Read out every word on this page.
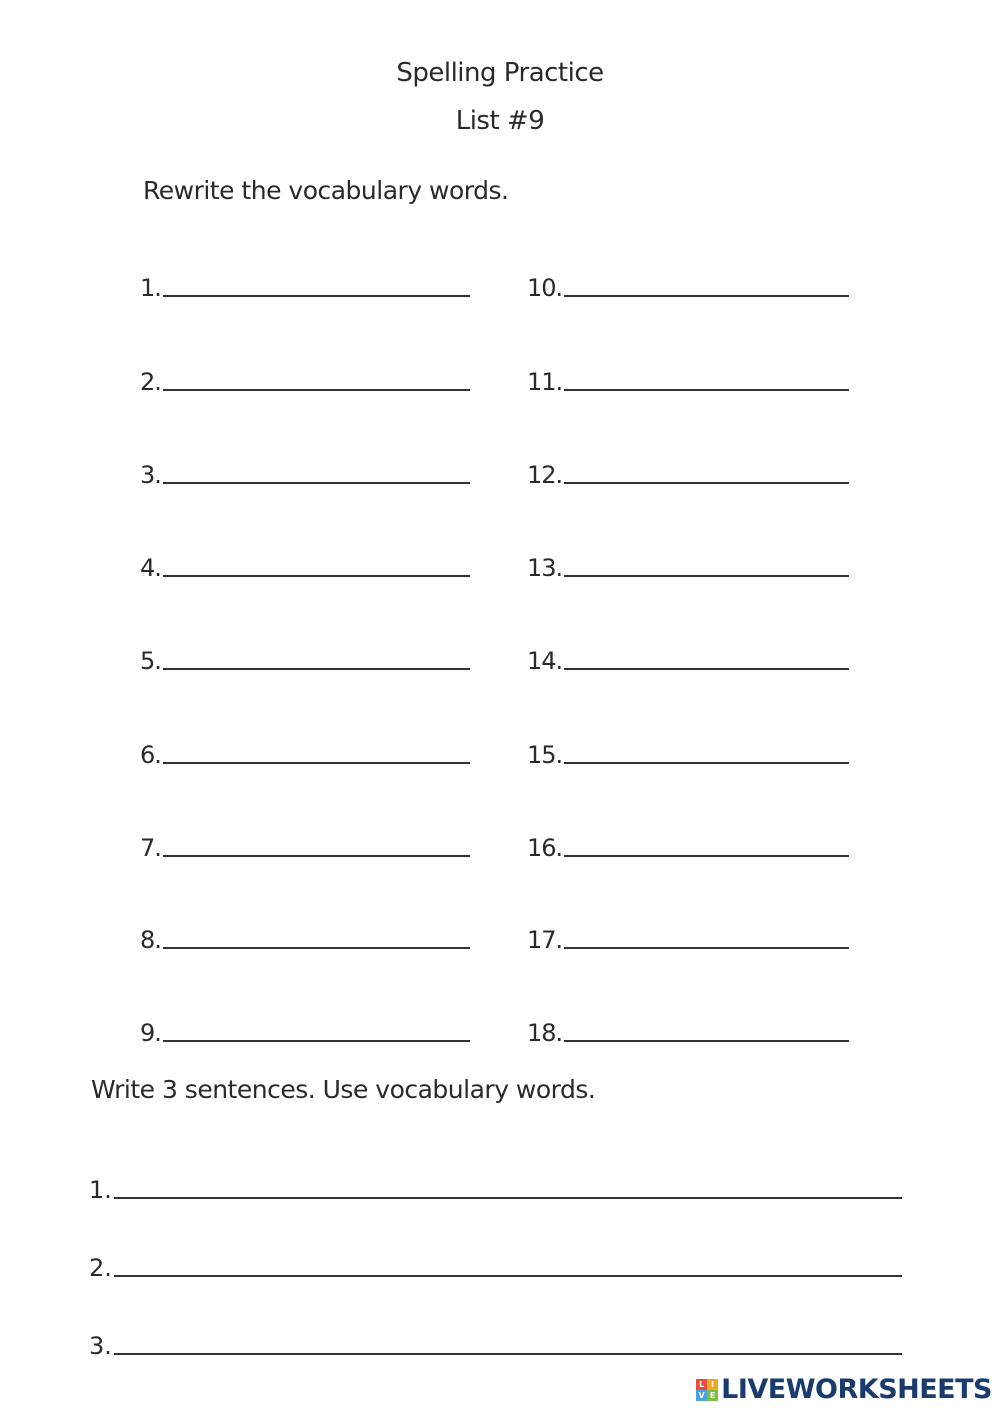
Spelling Practice
List #9
Rewrite the vocabulary words.
1.
2.
3.
4.
5.
6.
7.
8.
9.
10.
11.
12.
13.
14.
15.
16.
17.
18.
Write 3 sentences. Use vocabulary words.
1.
2.
3.
L I
V E LIVEWORKSHEETS
